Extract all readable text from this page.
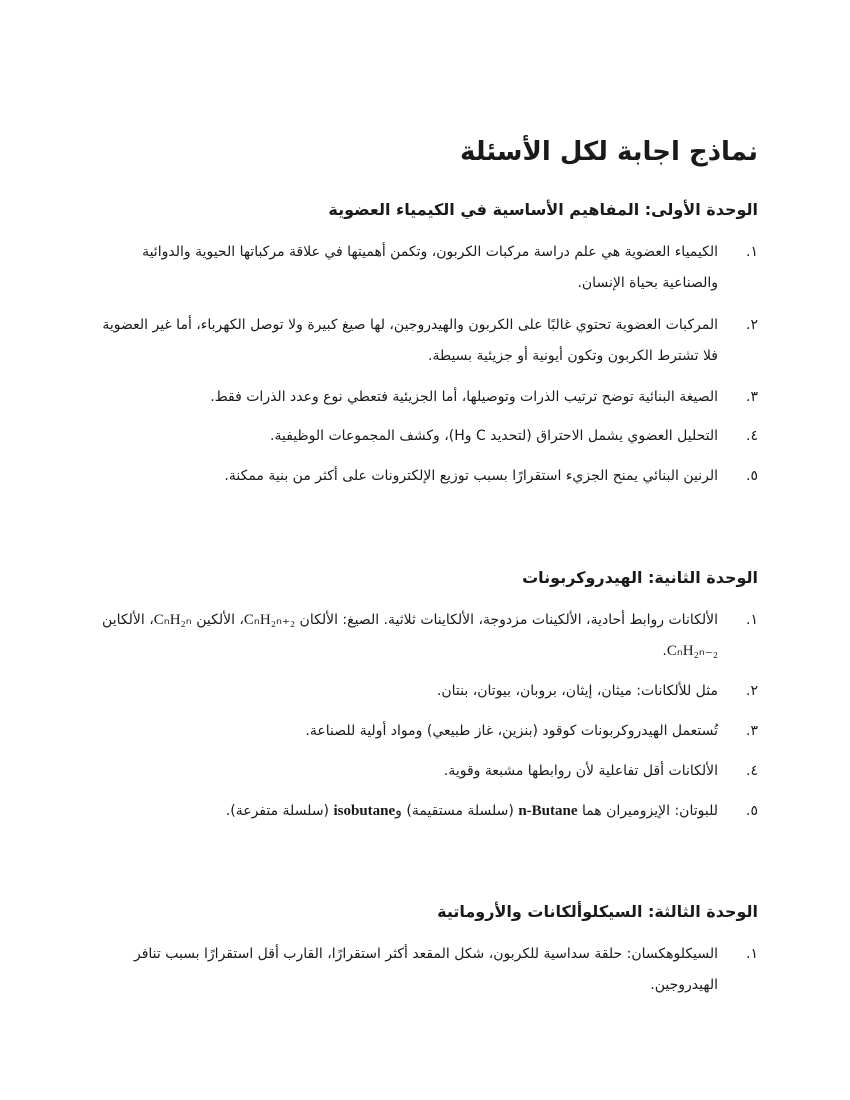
نماذج اجابة لكل الأسئلة
الوحدة الأولى: المفاهيم الأساسية في الكيمياء العضوية
١.
الكيمياء العضوية هي علم دراسة مركبات الكربون، وتكمن أهميتها في علاقة مركباتها الحيوية والدوائية والصناعية بحياة الإنسان.
٢.
المركبات العضوية تحتوي غالبًا على الكربون والهيدروجين، لها صيغ كبيرة ولا توصل الكهرباء، أما غير العضوية فلا تشترط الكربون وتكون أيونية أو جزيئية بسيطة.
٣.
الصيغة البنائية توضح ترتيب الذرات وتوصيلها، أما الجزيئية فتعطي نوع وعدد الذرات فقط.
٤.
التحليل العضوي يشمل الاحتراق (لتحديد C وH)، وكشف المجموعات الوظيفية.
٥.
الرنين البنائي يمنح الجزيء استقرارًا بسبب توزيع الإلكترونات على أكثر من بنية ممكنة.
الوحدة الثانية: الهيدروكربونات
١.
الألكانات روابط أحادية، الألكينات مزدوجة، الألكاينات ثلاثية. الصيغ: الألكان CₙH₂ₙ₊₂، الألكين CₙH₂ₙ، الألكاين CₙH₂ₙ₋₂.
٢.
مثل للألكانات: ميثان، إيثان، بروبان، بيوتان، بنتان.
٣.
تُستعمل الهيدروكربونات كوقود (بنزين، غاز طبيعي) ومواد أولية للصناعة.
٤.
الألكانات أقل تفاعلية لأن روابطها مشبعة وقوية.
٥.
للبوتان: الإيزوميران هما n-Butane (سلسلة مستقيمة) وisobutane (سلسلة متفرعة).
الوحدة الثالثة: السيكلوألكانات والأروماتية
١.
السيكلوهكسان: حلقة سداسية للكربون، شكل المقعد أكثر استقرارًا، القارب أقل استقرارًا بسبب تنافر الهيدروجين.
